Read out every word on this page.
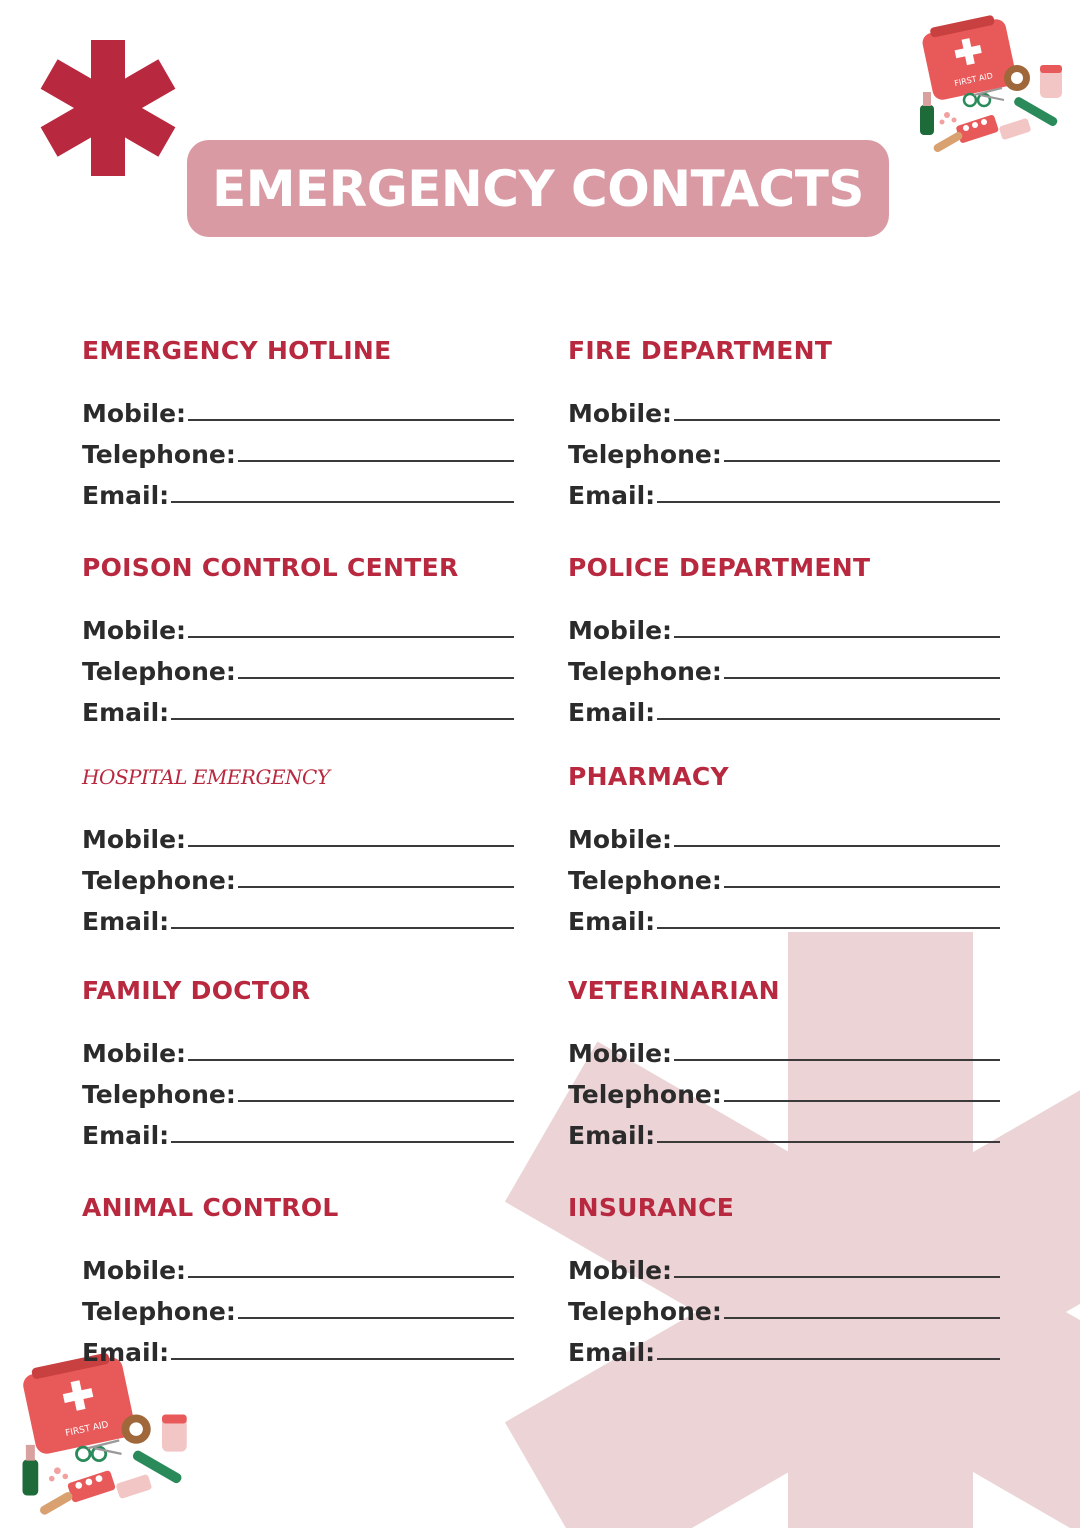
EMERGENCY CONTACTS
FIRST AID
FIRST AID
EMERGENCY HOTLINE
Mobile:
Telephone:
Email:
FIRE DEPARTMENT
Mobile:
Telephone:
Email:
POISON CONTROL CENTER
Mobile:
Telephone:
Email:
POLICE DEPARTMENT
Mobile:
Telephone:
Email:
HOSPITAL EMERGENCY
Mobile:
Telephone:
Email:
PHARMACY
Mobile:
Telephone:
Email:
FAMILY DOCTOR
Mobile:
Telephone:
Email:
VETERINARIAN
Mobile:
Telephone:
Email:
ANIMAL CONTROL
Mobile:
Telephone:
Email:
INSURANCE
Mobile:
Telephone:
Email:
